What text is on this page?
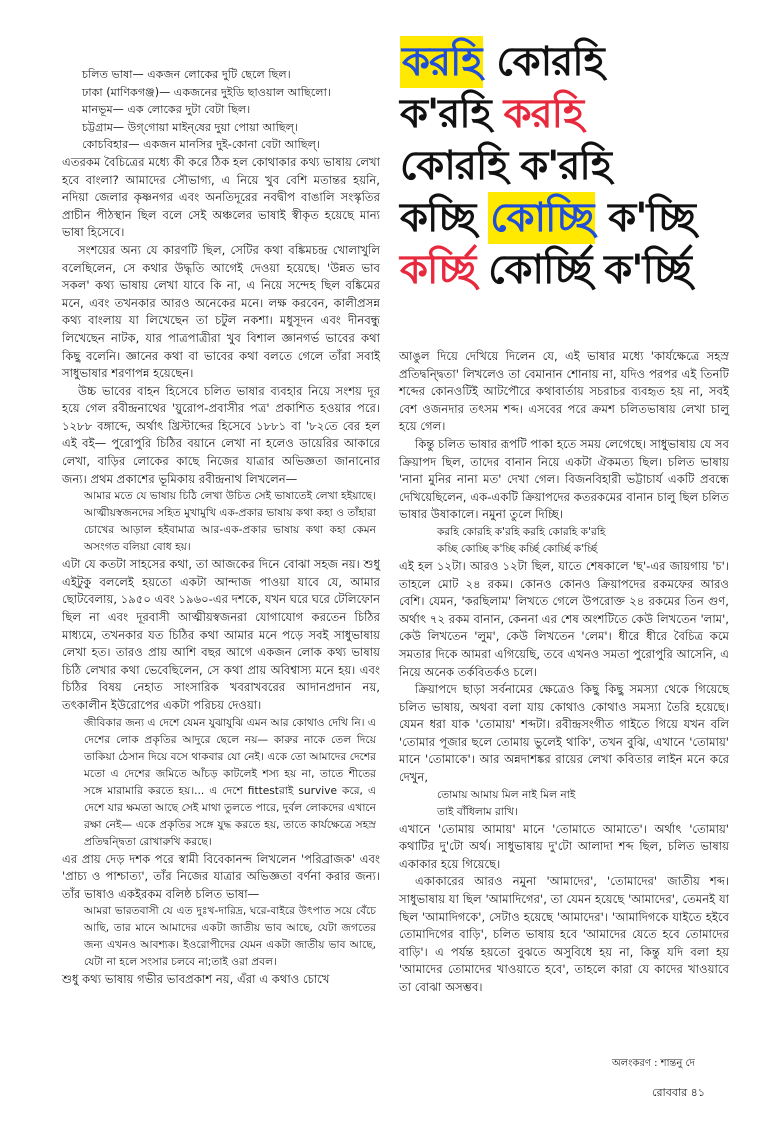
করহি কোরহি
ক'রহি করহি
কোরহি ক'রহি
কচ্ছি কোচ্ছি ক'চ্ছি
কর্চ্ছি কোর্চ্ছি ক'র্চ্ছি

চলিত ভাষা— একজন লোকের দুটি ছেলে ছিল।

ঢাকা (মাণিকগঞ্জ)— একজনের দুইডি ছাওয়াল আছিলো।

মানভূম— এক লোকের দুটা বেটা ছিল।

চট্টগ্রাম— উগ্‌গোয়া মাইন্‌ষের দুয়া পোয়া আছিল্‌।

কোচবিহার— একজন মানসির দুই-কোনা বেটা আছিল্‌।

এতরকম বৈচিত্রের মধ্যে কী করে ঠিক হল কোথাকার কথ্য ভাষায় লেখা হবে বাংলা? আমাদের সৌভাগ্য, এ নিয়ে খুব বেশি মতান্তর হয়নি, নদিয়া জেলার কৃষ্ণনগর এবং অনতিদূরের নবদ্বীপ বাঙালি সংস্কৃতির প্রাচীন পীঠস্থান ছিল বলে সেই অঞ্চলের ভাষাই স্বীকৃত হয়েছে মান্য ভাষা হিসেবে।

সংশয়ের অন্য যে কারণটি ছিল, সেটির কথা বঙ্কিমচন্দ্র খোলাখুলি বলেছিলেন, সে কথার উদ্ধৃতি আগেই দেওয়া হয়েছে। 'উন্নত ভাব সকল' কথ্য ভাষায় লেখা যাবে কি না, এ নিয়ে সন্দেহ ছিল বঙ্কিমের মনে, এবং তখনকার আরও অনেকের মনে। লক্ষ করবেন, কালীপ্রসন্ন কথ্য বাংলায় যা লিখেছেন তা চটুল নকশা। মধুসূদন এবং দীনবন্ধু লিখেছেন নাটক, যার পাত্রপাত্রীরা খুব বিশাল জ্ঞানগর্ভ ভাবের কথা কিছু বলেনি। জ্ঞানের কথা বা ভাবের কথা বলতে গেলে তাঁরা সবাই সাধুভাষার শরণাপন্ন হয়েছেন।

উচ্চ ভাবের বাহন হিসেবে চলিত ভাষার ব্যবহার নিয়ে সংশয় দূর হয়ে গেল রবীন্দ্রনাথের 'য়ুরোপ-প্রবাসীর পত্র' প্রকাশিত হওয়ার পরে। ১২৮৮ বঙ্গাব্দে, অর্থাৎ খ্রিস্টাব্দের হিসেবে ১৮৮১ বা '৮২তে বের হল এই বই— পুরোপুরি চিঠির বয়ানে লেখা না হলেও ডায়েরির আকারে লেখা, বাড়ির লোকের কাছে নিজের যাত্রার অভিজ্ঞতা জানানোর জন্য। প্রথম প্রকাশের ভূমিকায় রবীন্দ্রনাথ লিখলেন—

আমার মতে যে ভাষায় চিঠি লেখা উচিত সেই ভাষাতেই লেখা হইয়াছে। আত্মীয়স্বজনদের সহিত মুখামুখি এক-প্রকার ভাষায় কথা কহা ও তাঁহারা চোখের আড়াল হইবামাত্র আর-এক-প্রকার ভাষায় কথা কহা কেমন অসংগত বলিয়া বোধ হয়।

এটা যে কতটা সাহসের কথা, তা আজকের দিনে বোঝা সহজ নয়। শুধু এইটুকু বললেই হয়তো একটা আন্দাজ পাওয়া যাবে যে, আমার ছোটবেলায়, ১৯৫০ এবং ১৯৬০-এর দশকে, যখন ঘরে ঘরে টেলিফোন ছিল না এবং দূরবাসী আত্মীয়স্বজনরা যোগাযোগ করতেন চিঠির মাধ্যমে, তখনকার যত চিঠির কথা আমার মনে পড়ে সবই সাধুভাষায় লেখা হত। তারও প্রায় আশি বছর আগে একজন লোক কথ্য ভাষায় চিঠি লেখার কথা ভেবেছিলেন, সে কথা প্রায় অবিশ্বাস্য মনে হয়। এবং চিঠির বিষয় নেহাত সাংসারিক খবরাখবরের আদানপ্রদান নয়, তৎকালীন ইউরোপের একটা পরিচয় দেওয়া।

জীবিকার জন্য এ দেশে যেমন যুঝাযুঝি এমন আর কোথাও দেখি নি। এ দেশের লোক প্রকৃতির আদুরে ছেলে নয়— কারুর নাকে তেল দিয়ে তাকিয়া ঠেসান দিয়ে বসে থাকবার যো নেই। একে তো আমাদের দেশের মতো এ দেশের জমিতে আঁচড় কাটলেই শস্য হয় না, তাতে শীতের সঙ্গে মারামারি করতে হয়।... এ দেশে fittestরাই survive করে, এ দেশে যার ক্ষমতা আছে সেই মাথা তুলতে পারে, দুর্বল লোকদের এখানে রক্ষা নেই— একে প্রকৃতির সঙ্গে যুদ্ধ করতে হয়, তাতে কার্যক্ষেত্রে সহস্র প্রতিদ্বন্দ্বিতা রোখারুখি করছে।

এর প্রায় দেড় দশক পরে স্বামী বিবেকানন্দ লিখলেন 'পরিব্রাজক' এবং 'প্রাচ্য ও পাশ্চাত্য', তাঁর নিজের যাত্রার অভিজ্ঞতা বর্ণনা করার জন্য। তাঁর ভাষাও একইরকম বলিষ্ঠ চলিত ভাষা—

আমরা ভারতবাসী যে এত দুঃখ-দারিদ্র, ঘরে-বাইরে উৎপাত সয়ে বেঁচে আছি, তার মানে আমাদের একটা জাতীয় ভাব আছে, যেটা জগতের জন্য এখনও আবশ্যক। ইওরোপীদের যেমন একটা জাতীয় ভাব আছে, যেটা না হলে সংসার চলবে না;তাই ওরা প্রবল।

শুধু কথ্য ভাষায় গভীর ভাবপ্রকাশ নয়, এঁরা এ কথাও চোখে

আঙুল দিয়ে দেখিয়ে দিলেন যে, এই ভাষার মধ্যে 'কার্যক্ষেত্রে সহস্র প্রতিদ্বন্দ্বিতা' লিখলেও তা বেমানান শোনায় না, যদিও পরপর এই তিনটি শব্দের কোনওটিই আটপৌরে কথাবার্তায় সচরাচর ব্যবহৃত হয় না, সবই বেশ ওজনদার তৎসম শব্দ। এসবের পরে ক্রমশ চলিতভাষায় লেখা চালু হয়ে গেল।

কিন্তু চলিত ভাষার রূপটি পাকা হতে সময় লেগেছে। সাধুভাষায় যে সব ক্রিয়াপদ ছিল, তাদের বানান নিয়ে একটা ঐকমত্য ছিল। চলিত ভাষায় 'নানা মুনির নানা মত' দেখা গেল। বিজনবিহারী ভট্টাচার্য একটি প্রবন্ধে দেখিয়েছিলেন, এক-একটি ক্রিয়াপদের কতরকমের বানান চালু ছিল চলিত ভাষার উষাকালে। নমুনা তুলে দিচ্ছি।

করহি কোরহি ক'রহি করহি কোরহি ক'রহি

কচ্ছি কোচ্ছি ক'চ্ছি কর্চ্ছি কোর্চ্ছি ক'র্চ্ছি

এই হল ১২টা। আরও ১২টা ছিল, যাতে শেষকালে 'ছ'-এর জায়গায় 'চ'। তাহলে মোট ২৪ রকম। কোনও কোনও ক্রিয়াপদের রকমফের আরও বেশি। যেমন, 'করছিলাম' লিখতে গেলে উপরোক্ত ২৪ রকমের তিন গুণ, অর্থাৎ ৭২ রকম বানান, কেননা এর শেষ অংশটিতে কেউ লিখতেন 'লাম', কেউ লিখতেন 'লুম', কেউ লিখতেন 'লেম'। ধীরে ধীরে বৈচিত্র কমে সমতার দিকে আমরা এগিয়েছি, তবে এখনও সমতা পুরোপুরি আসেনি, এ নিয়ে অনেক তর্কবিতর্কও চলে।

ক্রিয়াপদে ছাড়া সর্বনামের ক্ষেত্রেও কিছু কিছু সমস্যা থেকে গিয়েছে চলিত ভাষায়, অথবা বলা যায় কোথাও কোথাও সমস্যা তৈরি হয়েছে। যেমন ধরা যাক 'তোমায়' শব্দটা। রবীন্দ্রসংগীত গাইতে গিয়ে যখন বলি 'তোমার পূজার ছলে তোমায় ভুলেই থাকি', তখন বুঝি, এখানে 'তোমায়' মানে 'তোমাকে'। আর অন্নদাশঙ্কর রায়ের লেখা কবিতার লাইন মনে করে দেখুন,

তোমায় আমায় মিল নাই মিল নাই

তাই বাঁধিলাম রাখি।

এখানে 'তোমায় আমায়' মানে 'তোমাতে আমাতে'। অর্থাৎ 'তোমায়' কথাটির দু'টো অর্থ। সাধুভাষায় দু'টো আলাদা শব্দ ছিল, চলিত ভাষায় একাকার হয়ে গিয়েছে।

একাকারের আরও নমুনা 'আমাদের', 'তোমাদের' জাতীয় শব্দ। সাধুভাষায় যা ছিল 'আমাদিগের', তা যেমন হয়েছে 'আমাদের', তেমনই যা ছিল 'আমাদিগকে', সেটাও হয়েছে 'আমাদের'। 'আমাদিগকে যাইতে হইবে তোমাদিগের বাড়ি', চলিত ভাষায় হবে 'আমাদের যেতে হবে তোমাদের বাড়ি'। এ পর্যন্ত হয়তো বুঝতে অসুবিধে হয় না, কিন্তু যদি বলা হয় 'আমাদের তোমাদের খাওয়াতে হবে', তাহলে কারা যে কাদের খাওয়াবে তা বোঝা অসম্ভব।

অলংকরণ : শান্তনু দে
রোববার ৪১
